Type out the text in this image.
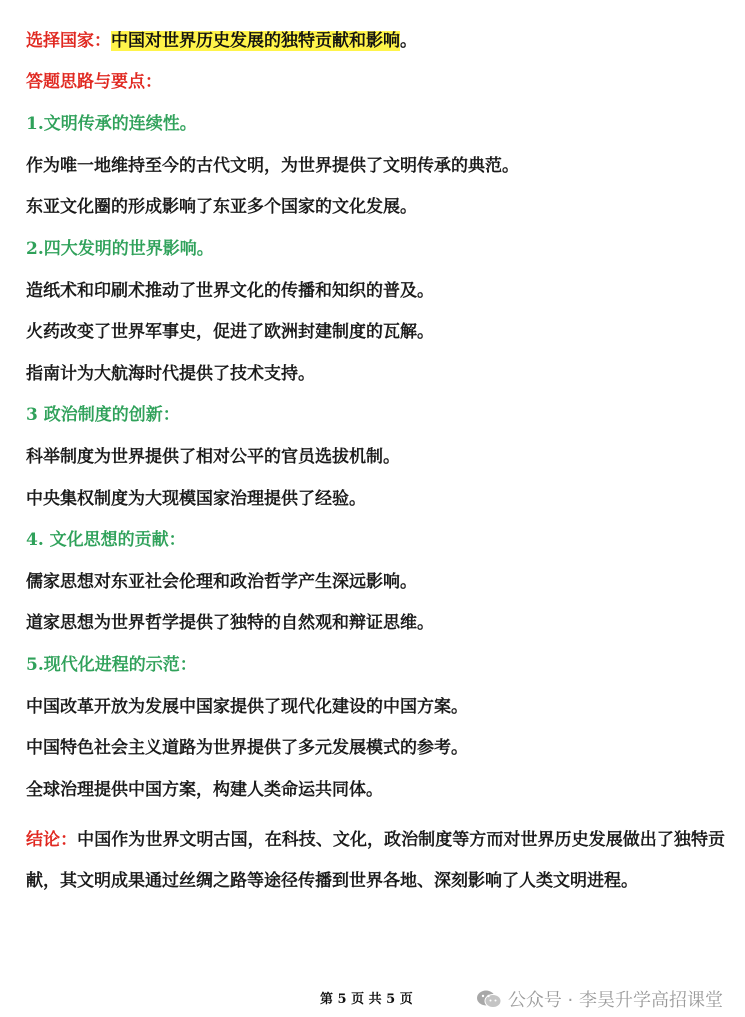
选择国家：中国对世界历史发展的独特贡献和影响。
答题思路与要点：
1.文明传承的连续性。
作为唯一地维持至今的古代文明，为世界提供了文明传承的典范。
东亚文化圈的形成影响了东亚多个国家的文化发展。
2.四大发明的世界影响。
造纸术和印刷术推动了世界文化的传播和知织的普及。
火药改变了世界军事史，促进了欧洲封建制度的瓦解。
指南计为大航海时代提供了技术支持。
3 政治制度的创新：
科举制度为世界提供了相对公平的官员选拔机制。
中央集权制度为大现模国家治理提供了经验。
4. 文化思想的贡献：
儒家思想对东亚社会伦理和政治哲学产生深远影响。
道家思想为世界哲学提供了独特的自然观和辩证思维。
5.现代化进程的示范：
中国改革开放为发展中国家提供了现代化建设的中国方案。
中国特色社会主义道路为世界提供了多元发展模式的参考。
全球治理提供中国方案，构建人类命运共同体。
结论：中国作为世界文明古国，在科技、文化，政治制度等方而对世界历史发展做出了独特贡献，其文明成果通过丝绸之路等途径传播到世界各地、深刻影响了人类文明进程。
第 5 页 共 5 页	公众号 · 李昊升学高招课堂
